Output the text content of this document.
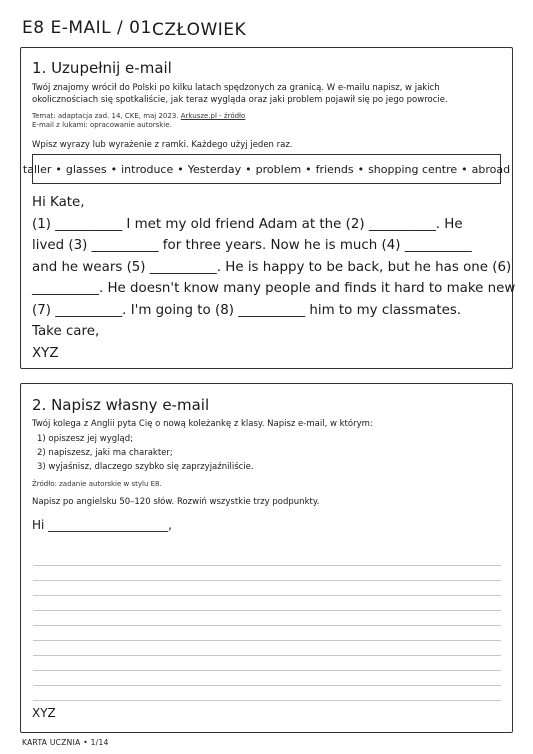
E8 E-MAIL / 01 CZŁOWIEK
1. Uzupełnij e-mail
Twój znajomy wrócił do Polski po kilku latach spędzonych za granicą. W e-mailu napisz, w jakich okolicznościach się spotkaliście, jak teraz wygląda oraz jaki problem pojawił się po jego powrocie.
Temat: adaptacja zad. 14, CKE, maj 2023. Arkusze.pl - źródło
E-mail z lukami: opracowanie autorskie.
Wpisz wyrazy lub wyrażenie z ramki. Każdego użyj jeden raz.
taller • glasses • introduce • Yesterday • problem • friends • shopping centre • abroad
Hi Kate,
(1) __________ I met my old friend Adam at the (2) __________. He
lived (3) __________ for three years. Now he is much (4) __________
and he wears (5) __________. He is happy to be back, but he has one (6)
__________. He doesn't know many people and finds it hard to make new
(7) __________. I'm going to (8) __________ him to my classmates.
Take care,
XYZ
2. Napisz własny e-mail
Twój kolega z Anglii pyta Cię o nową koleżankę z klasy. Napisz e-mail, w którym:
1) opiszesz jej wygląd;
2) napiszesz, jaki ma charakter;
3) wyjaśnisz, dlaczego szybko się zaprzyjaźniliście.
Źródło: zadanie autorskie w stylu E8.
Napisz po angielsku 50–120 słów. Rozwiń wszystkie trzy podpunkty.
Hi ____________________,
XYZ
KARTA UCZNIA • 1/14
